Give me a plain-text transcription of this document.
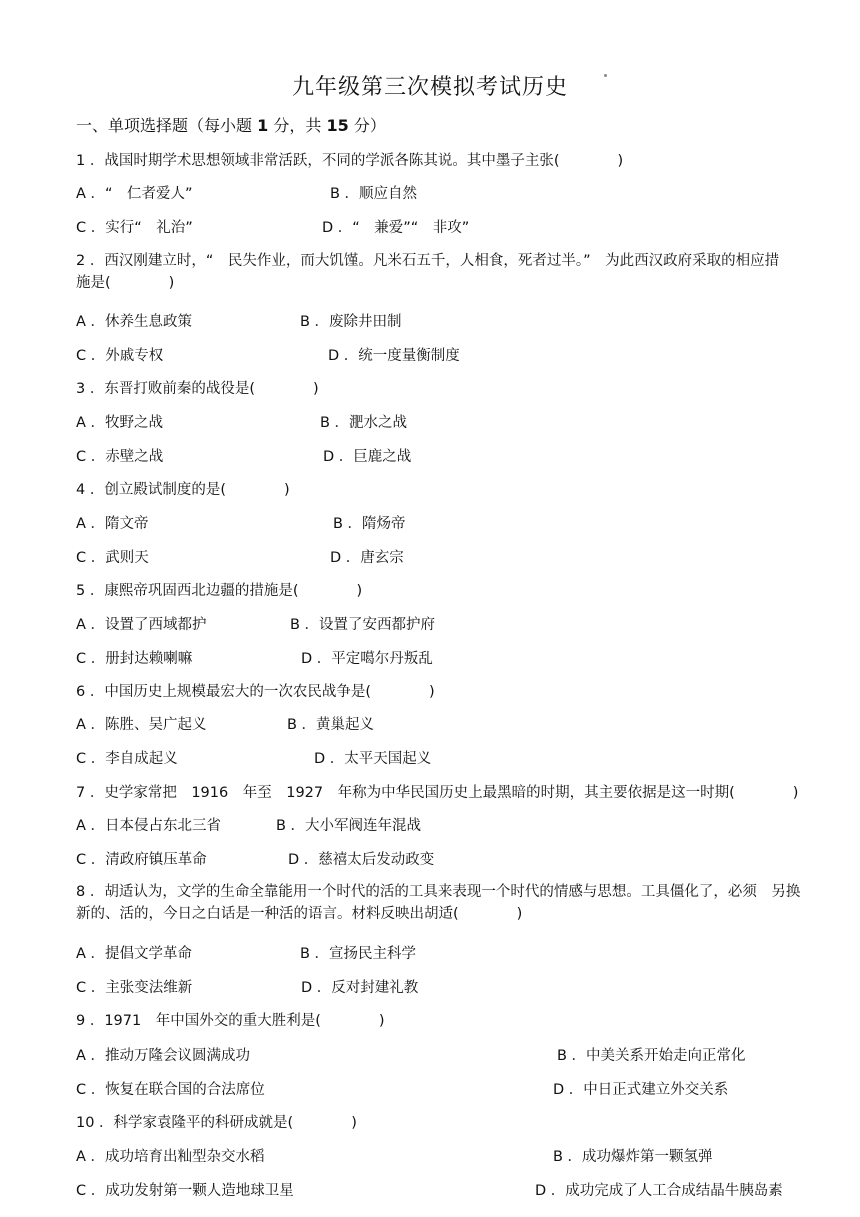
九年级第三次模拟考试历史
一、单项选择题（每小题 1 分，共 15 分）
1 ．战国时期学术思想领域非常活跃，不同的学派各陈其说。其中墨子主张(　　　　)
A ．“　仁者爱人”	B ．顺应自然
C ．实行“　礼治”	D ．“　兼爱”“　非攻”
2 ．西汉刚建立时，“　民失作业，而大饥馑。凡米石五千，人相食，死者过半。”　为此西汉政府采取的相应措　施是(　　　　)
A ．休养生息政策	B ．废除井田制
C ．外戚专权	D ．统一度量衡制度
3 ．东晋打败前秦的战役是(　　　　)
A ．牧野之战	B ．淝水之战
C ．赤壁之战	D ．巨鹿之战
4 ．创立殿试制度的是(　　　　)
A ．隋文帝	B ．隋炀帝
C ．武则天	D ．唐玄宗
5 ．康熙帝巩固西北边疆的措施是(　　　　)
A ．设置了西域都护	B ．设置了安西都护府
C ．册封达赖喇嘛	D ．平定噶尔丹叛乱
6 ．中国历史上规模最宏大的一次农民战争是(　　　　)
A ．陈胜、吴广起义	B ．黄巢起义
C ．李自成起义	D ．太平天国起义
7 ．史学家常把　1916　年至　1927　年称为中华民国历史上最黑暗的时期，其主要依据是这一时期(　　　　)
A ．日本侵占东北三省	B ．大小军阀连年混战
C ．清政府镇压革命	D ．慈禧太后发动政变
8 ．胡适认为，文学的生命全靠能用一个时代的活的工具来表现一个时代的情感与思想。工具僵化了，必须　另换新的、活的，今日之白话是一种活的语言。材料反映出胡适(　　　　)
A ．提倡文学革命	B ．宣扬民主科学
C ．主张变法维新	D ．反对封建礼教
9 ．1971　年中国外交的重大胜利是(　　　　)
A ．推动万隆会议圆满成功	B ．中美关系开始走向正常化
C ．恢复在联合国的合法席位	D ．中日正式建立外交关系
10 ．科学家袁隆平的科研成就是(　　　　)
A ．成功培育出籼型杂交水稻	B ．成功爆炸第一颗氢弹
C ．成功发射第一颗人造地球卫星	D ．成功完成了人工合成结晶牛胰岛素
